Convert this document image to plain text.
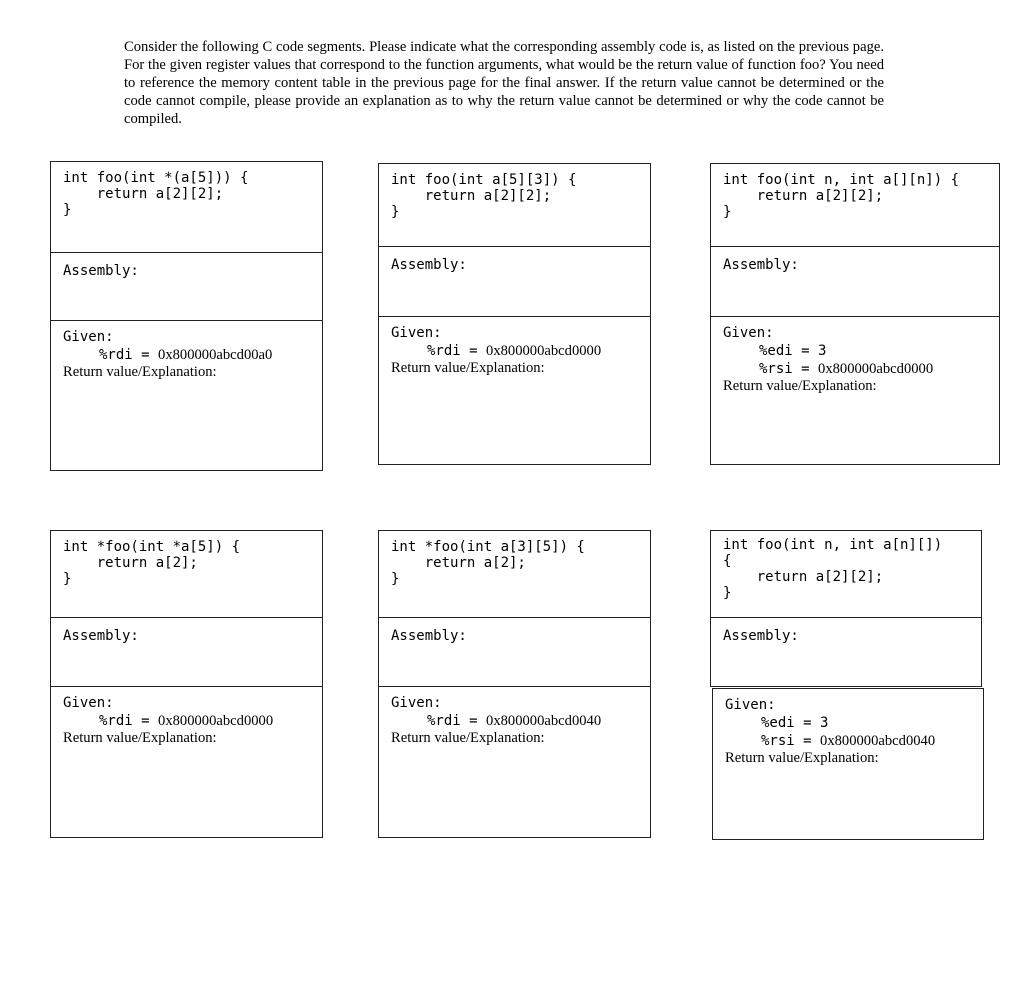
Consider the following C code segments. Please indicate what the corresponding assembly code is, as listed on the previous page. For the given register values that correspond to the function arguments, what would be the return value of function foo? You need to reference the memory content table in the previous page for the final answer. If the return value cannot be determined or the code cannot compile, please provide an explanation as to why the return value cannot be determined or why the code cannot be compiled.

int foo(int *(a[5])) {
return a[2][2];
}
Assembly:
Given:
%rdi = 0x800000abcd00a0
Return value/Explanation:
int foo(int a[5][3]) {
return a[2][2];
}
Assembly:
Given:
%rdi = 0x800000abcd0000
Return value/Explanation:
int foo(int n, int a[][n]) {
return a[2][2];
}
Assembly:
Given:
%edi = 3
%rsi = 0x800000abcd0000
Return value/Explanation:
int *foo(int *a[5]) {
return a[2];
}
Assembly:
Given:
%rdi = 0x800000abcd0000
Return value/Explanation:
int *foo(int a[3][5]) {
return a[2];
}
Assembly:
Given:
%rdi = 0x800000abcd0040
Return value/Explanation:
int foo(int n, int a[n][])
{
return a[2][2];
}
Assembly:
Given:
%edi = 3
%rsi = 0x800000abcd0040
Return value/Explanation:
